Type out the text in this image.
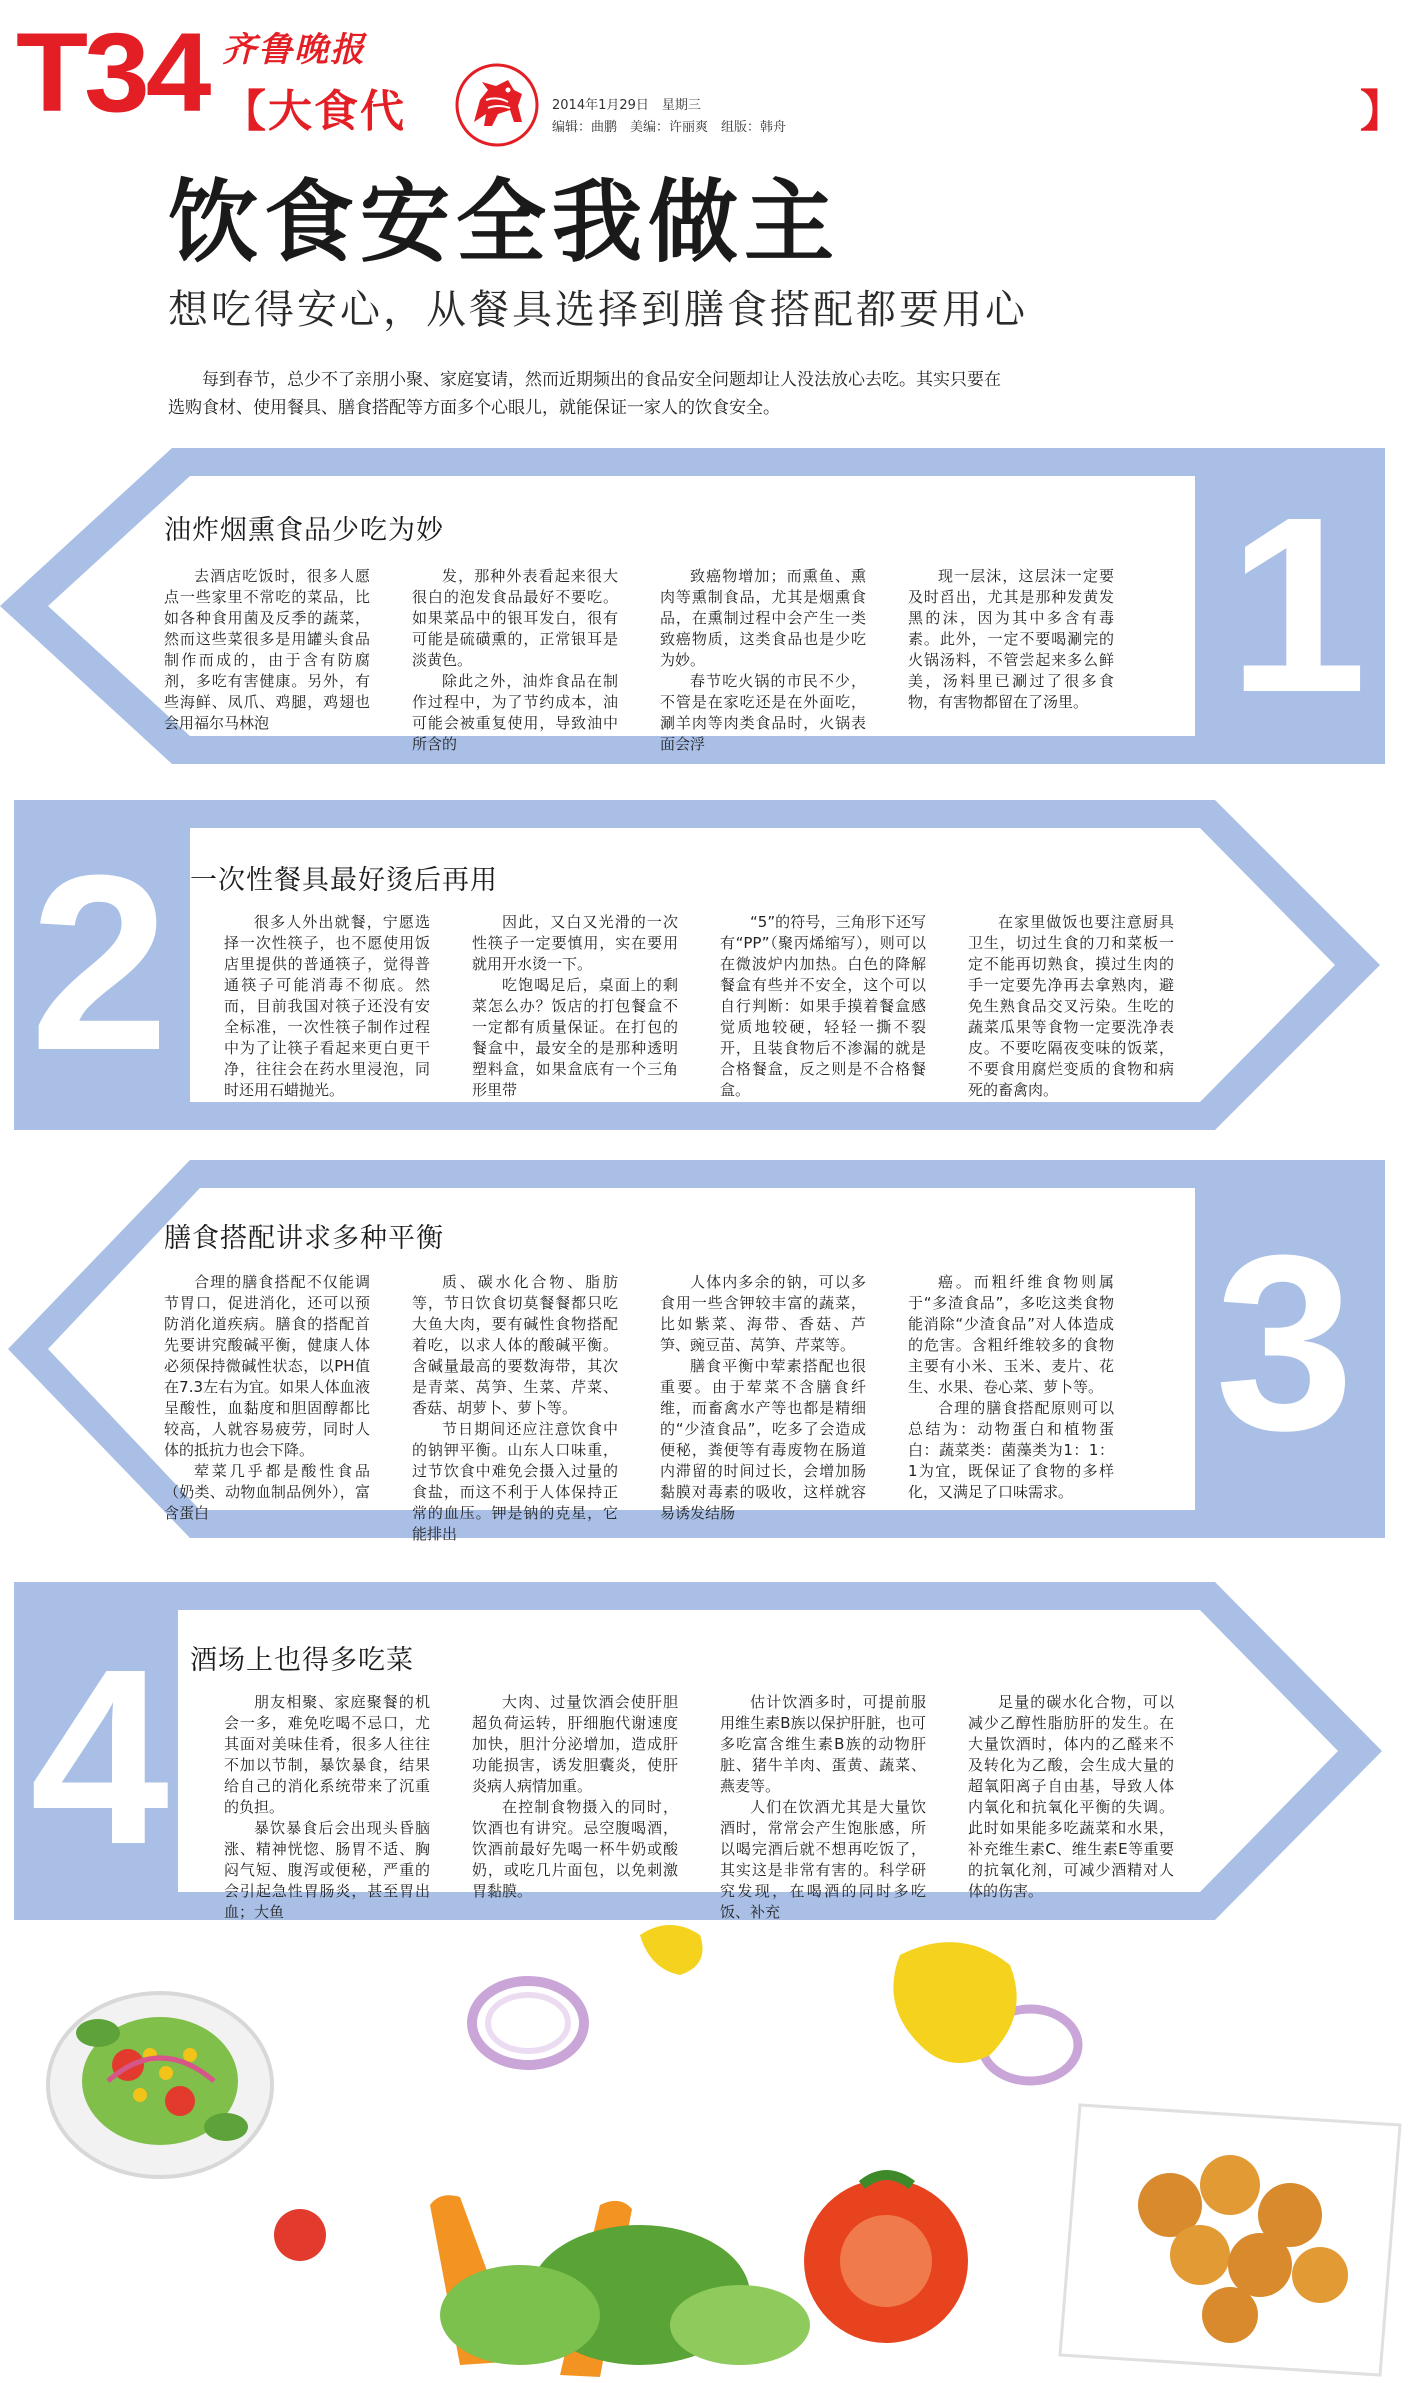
T34 齐鲁晚报
【大食代	】
2014年1月29日　星期三
编辑：曲鹏　美编：许丽爽　组版：韩舟
饮食安全我做主
想吃得安心，从餐具选择到膳食搭配都要用心
每到春节，总少不了亲朋小聚、家庭宴请，然而近期频出的食品安全问题却让人没法放心去吃。其实只要在选购食材、使用餐具、膳食搭配等方面多个心眼儿，就能保证一家人的饮食安全。
油炸烟熏食品少吃为妙	1

去酒店吃饭时，很多人愿点一些家里不常吃的菜品，比如各种食用菌及反季的蔬菜，然而这些菜很多是用罐头食品制作而成的，由于含有防腐剂，多吃有害健康。另外，有些海鲜、凤爪、鸡腿，鸡翅也会用福尔马林泡

发，那种外表看起来很大很白的泡发食品最好不要吃。如果菜品中的银耳发白，很有可能是硫磺熏的，正常银耳是淡黄色。

除此之外，油炸食品在制作过程中，为了节约成本，油可能会被重复使用，导致油中所含的

致癌物增加；而熏鱼、熏肉等熏制食品，尤其是烟熏食品，在熏制过程中会产生一类致癌物质，这类食品也是少吃为妙。

春节吃火锅的市民不少，不管是在家吃还是在外面吃，涮羊肉等肉类食品时，火锅表面会浮

现一层沫，这层沫一定要及时舀出，尤其是那种发黄发黑的沫，因为其中多含有毒素。此外，一定不要喝涮完的火锅汤料，不管尝起来多么鲜美，汤料里已涮过了很多食物，有害物都留在了汤里。

2 一次性餐具最好烫后再用

很多人外出就餐，宁愿选择一次性筷子，也不愿使用饭店里提供的普通筷子，觉得普通筷子可能消毒不彻底。然而，目前我国对筷子还没有安全标准，一次性筷子制作过程中为了让筷子看起来更白更干净，往往会在药水里浸泡，同时还用石蜡抛光。

因此，又白又光滑的一次性筷子一定要慎用，实在要用就用开水烫一下。

吃饱喝足后，桌面上的剩菜怎么办？饭店的打包餐盒不一定都有质量保证。在打包的餐盒中，最安全的是那种透明塑料盒，如果盒底有一个三角形里带

“5”的符号，三角形下还写有“PP”（聚丙烯缩写），则可以在微波炉内加热。白色的降解餐盒有些并不安全，这个可以自行判断：如果手摸着餐盒感觉质地较硬，轻轻一撕不裂开，且装食物后不渗漏的就是合格餐盒，反之则是不合格餐盒。

在家里做饭也要注意厨具卫生，切过生食的刀和菜板一定不能再切熟食，摸过生肉的手一定要先净再去拿熟肉，避免生熟食品交叉污染。生吃的蔬菜瓜果等食物一定要洗净表皮。不要吃隔夜变味的饭菜，不要食用腐烂变质的食物和病死的畜禽肉。

膳食搭配讲求多种平衡	3

合理的膳食搭配不仅能调节胃口，促进消化，还可以预防消化道疾病。膳食的搭配首先要讲究酸碱平衡，健康人体必须保持微碱性状态，以PH值在7.3左右为宜。如果人体血液呈酸性，血黏度和胆固醇都比较高，人就容易疲劳，同时人体的抵抗力也会下降。

荤菜几乎都是酸性食品（奶类、动物血制品例外），富含蛋白

质、碳水化合物、脂肪等，节日饮食切莫餐餐都只吃大鱼大肉，要有碱性食物搭配着吃，以求人体的酸碱平衡。含碱量最高的要数海带，其次是青菜、莴笋、生菜、芹菜、香菇、胡萝卜、萝卜等。

节日期间还应注意饮食中的钠钾平衡。山东人口味重，过节饮食中难免会摄入过量的食盐，而这不利于人体保持正常的血压。钾是钠的克星，它能排出

人体内多余的钠，可以多食用一些含钾较丰富的蔬菜，比如紫菜、海带、香菇、芦笋、豌豆苗、莴笋、芹菜等。

膳食平衡中荤素搭配也很重要。由于荤菜不含膳食纤维，而畜禽水产等也都是精细的“少渣食品”，吃多了会造成便秘，粪便等有毒废物在肠道内滞留的时间过长，会增加肠黏膜对毒素的吸收，这样就容易诱发结肠

癌。而粗纤维食物则属于“多渣食品”，多吃这类食物能消除“少渣食品”对人体造成的危害。含粗纤维较多的食物主要有小米、玉米、麦片、花生、水果、卷心菜、萝卜等。

合理的膳食搭配原则可以总结为：动物蛋白和植物蛋白：蔬菜类：菌藻类为1：1：1为宜，既保证了食物的多样化，又满足了口味需求。

4 酒场上也得多吃菜

朋友相聚、家庭聚餐的机会一多，难免吃喝不忌口，尤其面对美味佳肴，很多人往往不加以节制，暴饮暴食，结果给自己的消化系统带来了沉重的负担。

暴饮暴食后会出现头昏脑涨、精神恍惚、肠胃不适、胸闷气短、腹泻或便秘，严重的会引起急性胃肠炎，甚至胃出血；大鱼

大肉、过量饮酒会使肝胆超负荷运转，肝细胞代谢速度加快，胆汁分泌增加，造成肝功能损害，诱发胆囊炎，使肝炎病人病情加重。

在控制食物摄入的同时，饮酒也有讲究。忌空腹喝酒，饮酒前最好先喝一杯牛奶或酸奶，或吃几片面包，以免刺激胃黏膜。

估计饮酒多时，可提前服用维生素B族以保护肝脏，也可多吃富含维生素B族的动物肝脏、猪牛羊肉、蛋黄、蔬菜、燕麦等。

人们在饮酒尤其是大量饮酒时，常常会产生饱胀感，所以喝完酒后就不想再吃饭了，其实这是非常有害的。科学研究发现，在喝酒的同时多吃饭、补充

足量的碳水化合物，可以减少乙醇性脂肪肝的发生。在大量饮酒时，体内的乙醛来不及转化为乙酸，会生成大量的超氧阳离子自由基，导致人体内氧化和抗氧化平衡的失调。此时如果能多吃蔬菜和水果，补充维生素C、维生素E等重要的抗氧化剂，可减少酒精对人体的伤害。
